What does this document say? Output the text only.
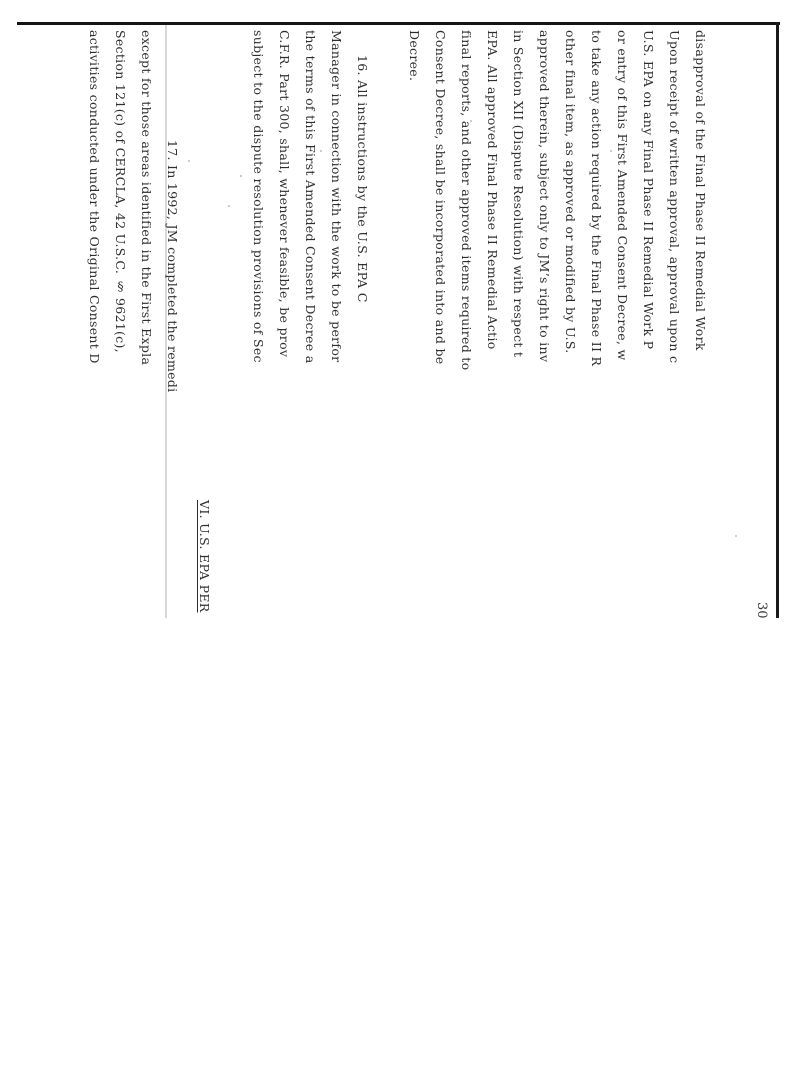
30
disapproval of the Final Phase II Remedial Work
Upon receipt of written approval, approval upon c
U.S. EPA on any Final Phase II Remedial Work P
or entry of this First Amended Consent Decree, w
to take any action required by the Final Phase II R
other final item, as approved or modified by U.S.
approved therein, subject only to JM’s right to inv
in Section XII (Dispute Resolution) with respect t
EPA. All approved Final Phase II Remedial Actio
final reports, and other approved items required to
Consent Decree, shall be incorporated into and be
Decree.
16. All instructions by the U.S. EPA C
Manager in connection with the work to be perfor
the terms of this First Amended Consent Decree a
C.F.R. Part 300, shall, whenever feasible, be prov
subject to the dispute resolution provisions of Sec
VI. U.S. EPA PER
17. In 1992, JM completed the remedi
except for those areas identified in the First Expla
Section 121(c) of CERCLA, 42 U.S.C. § 9621(c),
activities conducted under the Original Consent D
